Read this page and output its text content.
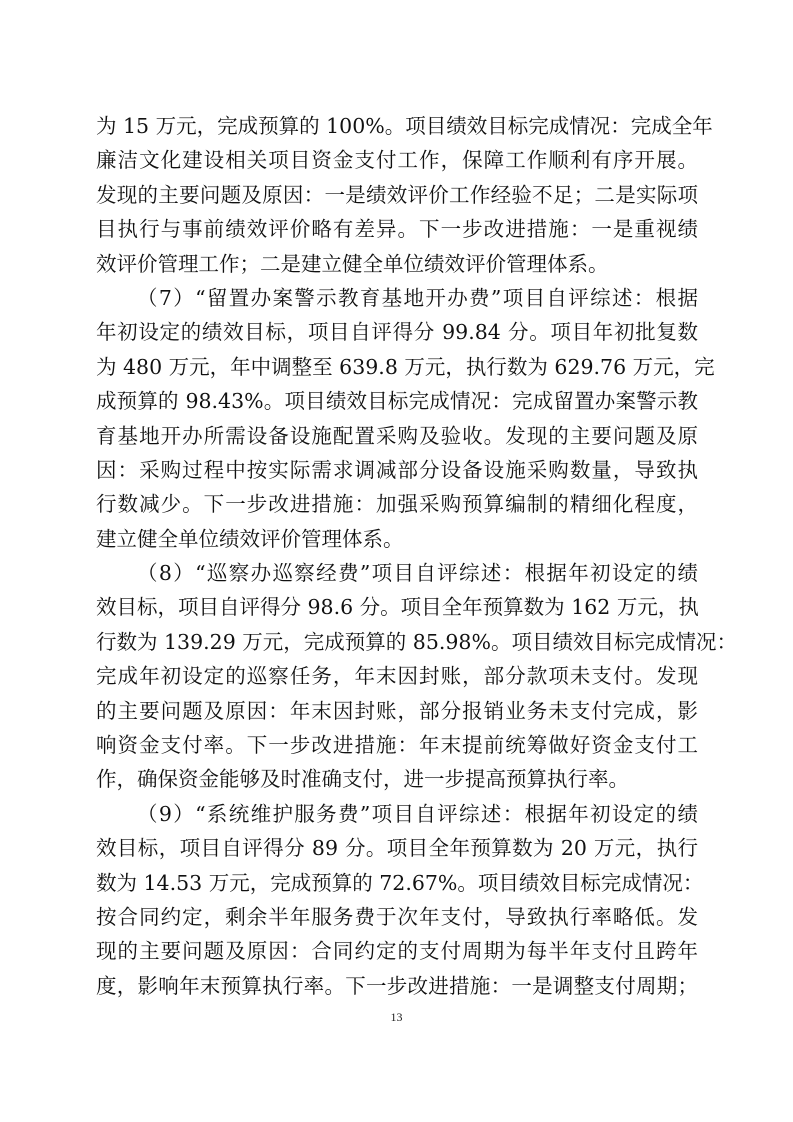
为 15 万元，完成预算的 100%。项目绩效目标完成情况：完成全年
廉洁文化建设相关项目资金支付工作，保障工作顺利有序开展。
发现的主要问题及原因：一是绩效评价工作经验不足；二是实际项
目执行与事前绩效评价略有差异。下一步改进措施：一是重视绩
效评价管理工作；二是建立健全单位绩效评价管理体系。
（7）“留置办案警示教育基地开办费”项目自评综述：根据
年初设定的绩效目标，项目自评得分 99.84 分。项目年初批复数
为 480 万元，年中调整至 639.8 万元，执行数为 629.76 万元，完
成预算的 98.43%。项目绩效目标完成情况：完成留置办案警示教
育基地开办所需设备设施配置采购及验收。发现的主要问题及原
因：采购过程中按实际需求调减部分设备设施采购数量，导致执
行数减少。下一步改进措施：加强采购预算编制的精细化程度，
建立健全单位绩效评价管理体系。
（8）“巡察办巡察经费”项目自评综述：根据年初设定的绩
效目标，项目自评得分 98.6 分。项目全年预算数为 162 万元，执
行数为 139.29 万元，完成预算的 85.98%。项目绩效目标完成情况：
完成年初设定的巡察任务，年末因封账，部分款项未支付。发现
的主要问题及原因：年末因封账，部分报销业务未支付完成，影
响资金支付率。下一步改进措施：年末提前统筹做好资金支付工
作，确保资金能够及时准确支付，进一步提高预算执行率。
（9）“系统维护服务费”项目自评综述：根据年初设定的绩
效目标，项目自评得分 89 分。项目全年预算数为 20 万元，执行
数为 14.53 万元，完成预算的 72.67%。项目绩效目标完成情况：
按合同约定，剩余半年服务费于次年支付，导致执行率略低。发
现的主要问题及原因：合同约定的支付周期为每半年支付且跨年
度，影响年末预算执行率。下一步改进措施：一是调整支付周期；
13
